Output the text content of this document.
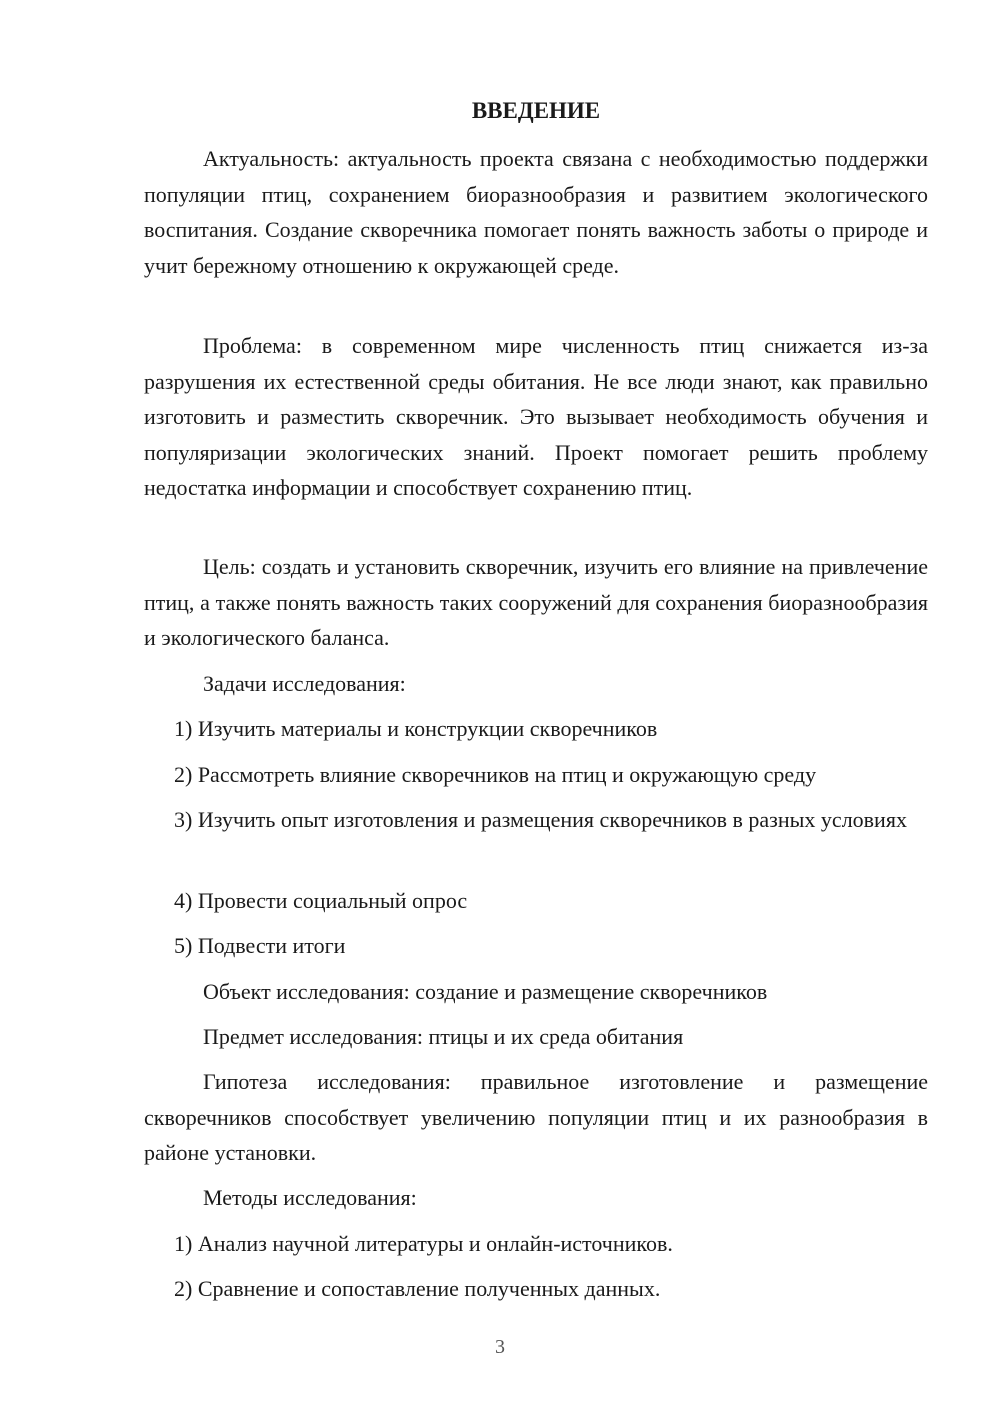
ВВЕДЕНИЕ

Актуальность: актуальность проекта связана с необходимостью поддержки популяции птиц, сохранением биоразнообразия и развитием экологического воспитания. Создание скворечника помогает понять важность заботы о природе и учит бережному отношению к окружающей среде.

Проблема: в современном мире численность птиц снижается из-за разрушения их естественной среды обитания. Не все люди знают, как правильно изготовить и разместить скворечник. Это вызывает необходимость обучения и популяризации экологических знаний. Проект помогает решить проблему недостатка информации и способствует сохранению птиц.

Цель: создать и установить скворечник, изучить его влияние на привлечение птиц, а также понять важность таких сооружений для сохранения биоразнообразия и экологического баланса.

Задачи исследования:

1) Изучить материалы и конструкции скворечников

2) Рассмотреть влияние скворечников на птиц и окружающую среду

3) Изучить опыт изготовления и размещения скворечников в разных условиях

4) Провести социальный опрос

5) Подвести итоги

Объект исследования: создание и размещение скворечников

Предмет исследования: птицы и их среда обитания

Гипотеза исследования: правильное изготовление и размещение скворечников способствует увеличению популяции птиц и их разнообразия в районе установки.

Методы исследования:

1) Анализ научной литературы и онлайн-источников.

2) Сравнение и сопоставление полученных данных.

3
